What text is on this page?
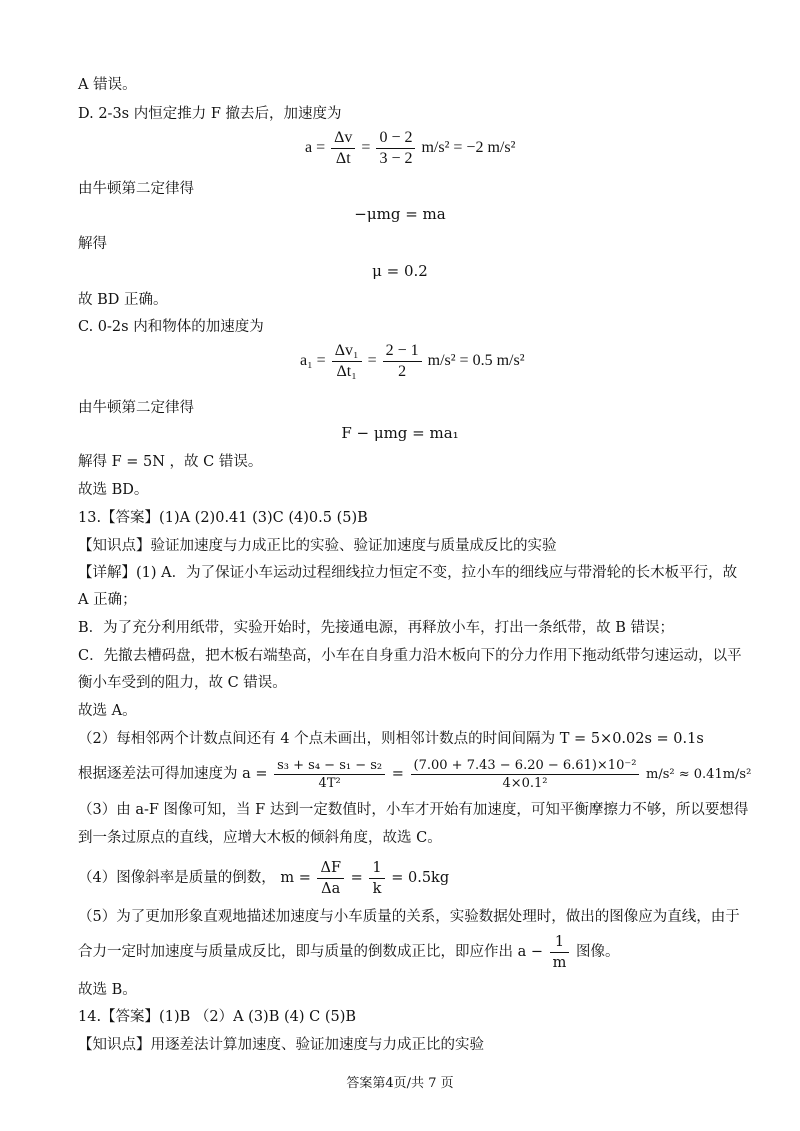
A 错误。
D. 2-3s 内恒定推力 F 撤去后，加速度为
$a = \frac{\Delta v}{\Delta t} = \frac{0 - 2}{3 - 2} m/s^2 = -2$ m/s²
由牛顿第二定律得
−μmg = ma
解得
μ = 0.2
故 BD 正确。
C. 0-2s 内和物体的加速度为
$a_1 = \frac{\text{Δv₁}}{\text{Δt₁}} = \frac{2 - 1}{2} m/s^2 = 0.5$ m/s²
由牛顿第二定律得
F − μmg = ma₁
解得 F = 5N ，故 C 错误。
故选 BD。
13.【答案】(1)A (2)0.41 (3)C (4)0.5 (5)B
【知识点】验证加速度与力成正比的实验、验证加速度与质量成反比的实验
【详解】(1) A．为了保证小车运动过程细线拉力恒定不变，拉小车的细线应与带滑轮的长木板平行，故
A 正确；
B．为了充分利用纸带，实验开始时，先接通电源，再释放小车，打出一条纸带，故 B 错误；
C．先撤去槽码盘，把木板右端垫高，小车在自身重力沿木板向下的分力作用下拖动纸带匀速运动，以平
衡小车受到的阻力，故 C 错误。
故选 A。
（2）每相邻两个计数点间还有 4 个点未画出，则相邻计数点的时间间隔为 T = 5×0.02s = 0.1s
根据逐差法可得加速度为 $a = \frac{\text{s₃ + s₄ − s₁ − s₂}}{\text{4T²}} = \frac{\text{(7.00 + 7.43 − 6.20 − 6.61)×10⁻²}}{\text{4×0.1²}} m/s^2 \approx 0.41m/s^2$
（3）由 a-F 图像可知，当 F 达到一定数值时，小车才开始有加速度，可知平衡摩擦力不够，所以要想得
到一条过原点的直线，应增大木板的倾斜角度，故选 C。
（4）图像斜率是质量的倒数， $m = \frac{\Delta F}{\Delta a} = \frac{1}{k} = 0.5kg$
（5）为了更加形象直观地描述加速度与小车质量的关系，实验数据处理时，做出的图像应为直线，由于
合力一定时加速度与质量成反比，即与质量的倒数成正比，即应作出 $a - \frac{1}{m}$ 图像。
故选 B。
14.【答案】(1)B （2）A (3)B (4) C (5)B
【知识点】用逐差法计算加速度、验证加速度与力成正比的实验
答案第4页/共 7 页
